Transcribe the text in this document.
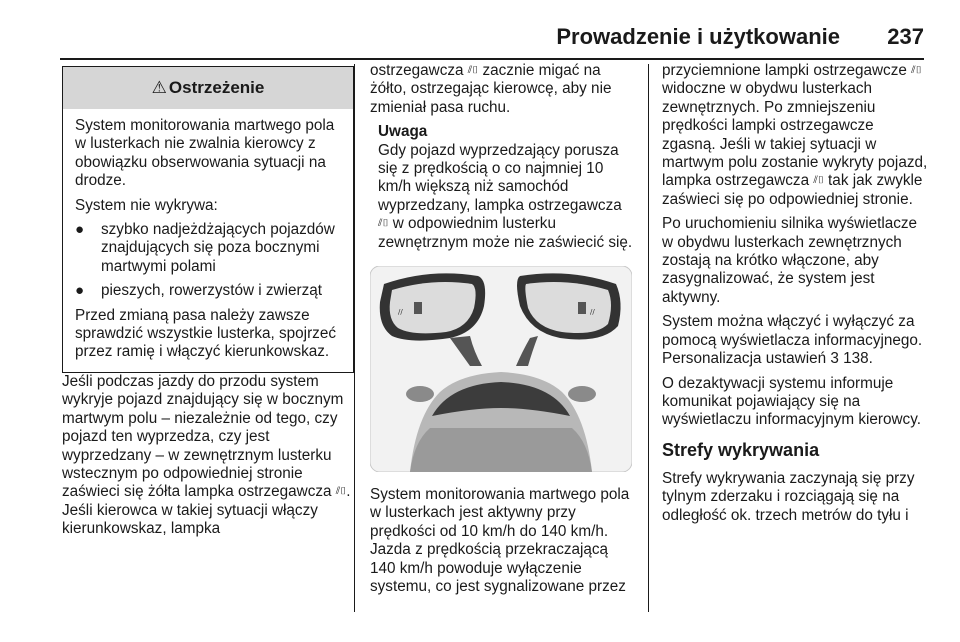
Prowadzenie i użytkowanie 237
⚠ Ostrzeżenie

System monitorowania martwego pola w lusterkach nie zwalnia kierowcy z obowiązku obserwowania sytuacji na drodze.

System nie wykrywa:

●	szybko nadjeżdżających pojazdów znajdujących się poza bocznymi martwymi polami
●	pieszych, rowerzystów i zwierząt

Przed zmianą pasa należy zawsze sprawdzić wszystkie lusterka, spojrzeć przez ramię i włączyć kierunkowskaz.

Jeśli podczas jazdy do przodu system wykryje pojazd znajdujący się w bocznym martwym polu – niezależnie od tego, czy pojazd ten wyprzedza, czy jest wyprzedzany – w zewnętrznym lusterku wstecznym po odpowiedniej stronie zaświeci się żółta lampka ostrzegawcza ⫽⌷. Jeśli kierowca w takiej sytuacji włączy kierunkowskaz, lampka

ostrzegawcza ⫽⌷ zacznie migać na żółto, ostrzegając kierowcę, aby nie zmieniał pasa ruchu.

Uwaga

Gdy pojazd wyprzedzający porusza się z prędkością o co najmniej 10 km/h większą niż samochód wyprzedzany, lampka ostrzegawcza ⫽⌷ w odpowiednim lusterku zewnętrznym może nie zaświecić się.

//	//

System monitorowania martwego pola w lusterkach jest aktywny przy prędkości od 10 km/h do 140 km/h. Jazda z prędkością przekraczającą 140 km/h powoduje wyłączenie systemu, co jest sygnalizowane przez

przyciemnione lampki ostrzegawcze ⫽⌷ widoczne w obydwu lusterkach zewnętrznych. Po zmniejszeniu prędkości lampki ostrzegawcze zgasną. Jeśli w takiej sytuacji w martwym polu zostanie wykryty pojazd, lampka ostrzegawcza ⫽⌷ tak jak zwykle zaświeci się po odpowiedniej stronie.

Po uruchomieniu silnika wyświetlacze w obydwu lusterkach zewnętrznych zostają na krótko włączone, aby zasygnalizować, że system jest aktywny.

System można włączyć i wyłączyć za pomocą wyświetlacza informacyjnego. Personalizacja ustawień 3 138.

O dezaktywacji systemu informuje komunikat pojawiający się na wyświetlaczu informacyjnym kierowcy.

Strefy wykrywania

Strefy wykrywania zaczynają się przy tylnym zderzaku i rozciągają się na odległość ok. trzech metrów do tyłu i
